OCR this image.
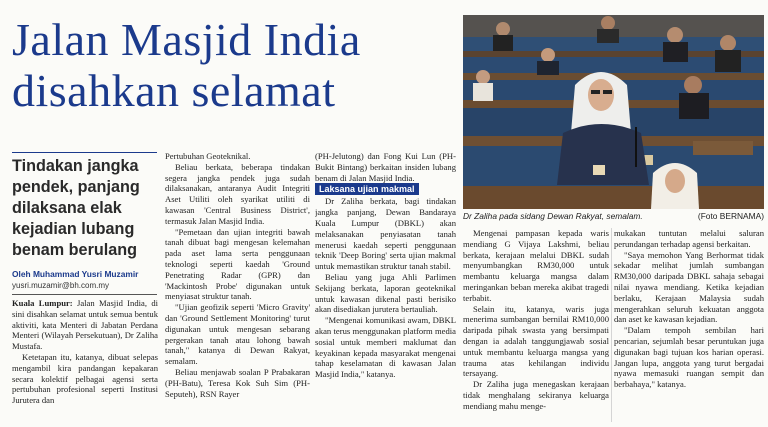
Jalan Masjid India disahkan selamat
Dr Zaliha pada sidang Dewan Rakyat, semalam.	(Foto BERNAMA)
Tindakan jangka pendek, panjang dilaksana elak kejadian lubang benam berulang
Oleh Muhammad Yusri Muzamir
yusri.muzamir@bh.com.my

Kuala Lumpur: Jalan Masjid India, di sini disahkan selamat untuk semua bentuk aktiviti, kata Menteri di Jabatan Perdana Menteri (Wilayah Persekutuan), Dr Zaliha Mustafa.

Ketetapan itu, katanya, dibuat selepas mengambil kira pandangan kepakaran secara kolektif pelbagai agensi serta pertubuhan profesional seperti Institusi Jurutera dan

Pertubuhan Geoteknikal.

Beliau berkata, beberapa tindakan segera jangka pendek juga sudah dilaksanakan, antaranya Audit Integriti Aset Utiliti oleh syarikat utiliti di kawasan 'Central Business District', termasuk Jalan Masjid India.

"Pemetaan dan ujian integriti bawah tanah dibuat bagi mengesan kelemahan pada aset lama serta penggunaan teknologi seperti kaedah 'Ground Penetrating Radar (GPR) dan 'Mackintosh Probe' digunakan untuk menyiasat struktur tanah.

"Ujian geofizik seperti 'Micro Gravity' dan 'Ground Settlement Monitoring' turut digunakan untuk mengesan sebarang pergerakan tanah atau lohong bawah tanah," katanya di Dewan Rakyat, semalam.

Beliau menjawab soalan P Prabakaran (PH-Batu), Teresa Kok Suh Sim (PH-Seputeh), RSN Rayer

(PH-Jelutong) dan Fong Kui Lun (PH-Bukit Bintang) berkaitan insiden lubang benam di Jalan Masjid India.

Laksana ujian makmal

Dr Zaliha berkata, bagi tindakan jangka panjang, Dewan Bandaraya Kuala Lumpur (DBKL) akan melaksanakan penyiasatan tanah menerusi kaedah seperti penggunaan teknik 'Deep Boring' serta ujian makmal untuk memastikan struktur tanah stabil.

Beliau yang juga Ahli Parlimen Sekijang berkata, laporan geoteknikal untuk kawasan dikenal pasti berisiko akan disediakan jurutera bertauliah.

"Mengenai komunikasi awam, DBKL akan terus menggunakan platform media sosial untuk memberi maklumat dan keyakinan kepada masyarakat mengenai tahap keselamatan di kawasan Jalan Masjid India," katanya.

Mengenai pampasan kepada waris mendiang G Vijaya Lakshmi, beliau berkata, kerajaan melalui DBKL sudah menyumbangkan RM30,000 untuk membantu keluarga mangsa dalam meringankan beban mereka akibat tragedi terbabit.

Selain itu, katanya, waris juga menerima sumbangan bernilai RM10,000 daripada pihak swasta yang bersimpati dengan ia adalah tanggungjawab sosial untuk membantu keluarga mangsa yang trauma atas kehilangan individu tersayang.

Dr Zaliha juga menegaskan kerajaan tidak menghalang sekiranya keluarga mendiang mahu menge-

mukakan tuntutan melalui saluran perundangan terhadap agensi berkaitan.

"Saya memohon Yang Berhormat tidak sekadar melihat jumlah sumbangan RM30,000 daripada DBKL sahaja sebagai nilai nyawa mendiang. Ketika kejadian berlaku, Kerajaan Malaysia sudah mengerahkan seluruh kekuatan anggota dan aset ke kawasan kejadian.

"Dalam tempoh sembilan hari pencarian, sejumlah besar peruntukan juga digunakan bagi tujuan kos harian operasi. Jangan lupa, anggota yang turut bergadai nyawa memasuki ruangan sempit dan berbahaya," katanya.
